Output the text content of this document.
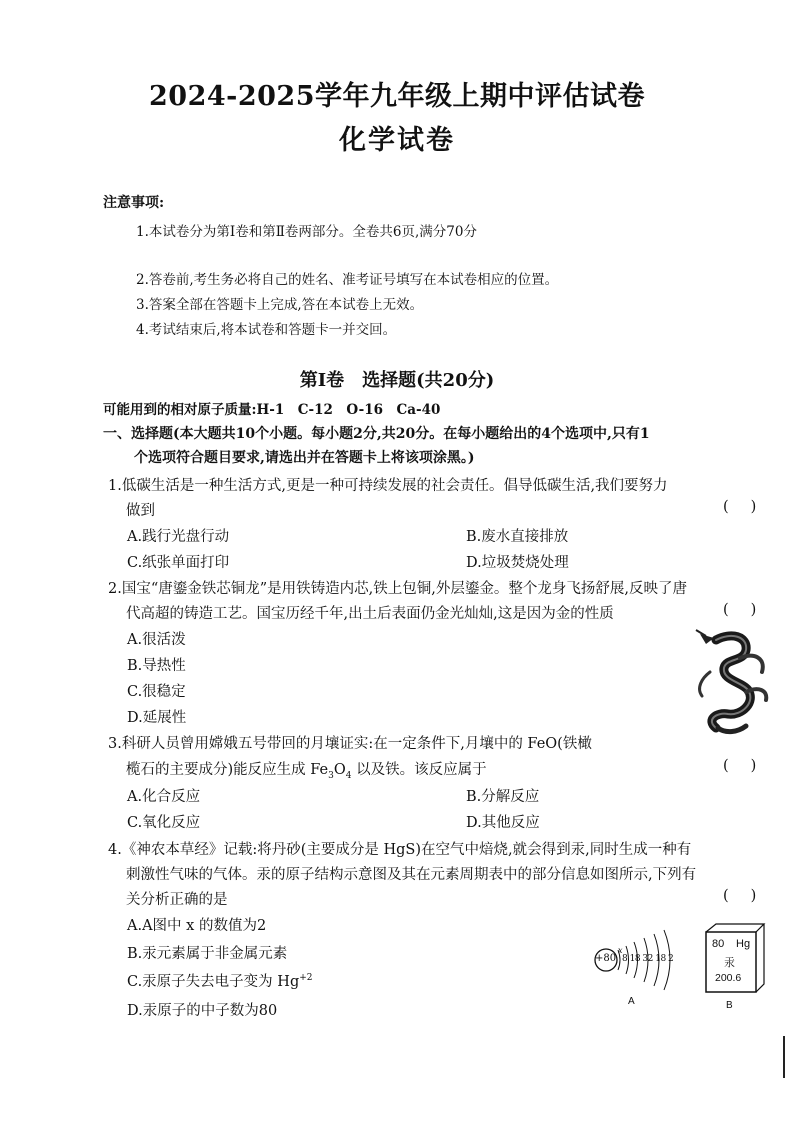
2024-2025学年九年级上期中评估试卷
化学试卷
注意事项:
1.本试卷分为第Ⅰ卷和第Ⅱ卷两部分。全卷共6页,满分70分
2.答卷前,考生务必将自己的姓名、准考证号填写在本试卷相应的位置。
3.答案全部在答题卡上完成,答在本试卷上无效。
4.考试结束后,将本试卷和答题卡一并交回。
第Ⅰ卷　选择题(共20分)
可能用到的相对原子质量:H-1　C-12　O-16　Ca-40
一、选择题(本大题共10个小题。每小题2分,共20分。在每小题给出的4个选项中,只有1
个选项符合题目要求,请选出并在答题卡上将该项涂黑。)
1.低碳生活是一种生活方式,更是一种可持续发展的社会责任。倡导低碳生活,我们要努力
做到	()
A.践行光盘行动	B.废水直接排放
C.纸张单面打印	D.垃圾焚烧处理
2.国宝“唐鎏金铁芯铜龙”是用铁铸造内芯,铁上包铜,外层鎏金。整个龙身飞扬舒展,反映了唐
代高超的铸造工艺。国宝历经千年,出土后表面仍金光灿灿,这是因为金的性质	()
A.很活泼
B.导热性
C.很稳定
D.延展性
3.科研人员曾用嫦娥五号带回的月壤证实:在一定条件下,月壤中的 FeO(铁橄
榄石的主要成分)能反应生成 $Fe_3O_4$ 以及铁。该反应属于	()
A.化合反应	B.分解反应
C.氧化反应	D.其他反应
4.《神农本草经》记载:将丹砂(主要成分是 HgS)在空气中焙烧,就会得到汞,同时生成一种有
刺激性气味的气体。汞的原子结构示意图及其在元素周期表中的部分信息如图所示,下列有
关分析正确的是	()
A.A图中 x 的数值为2
B.汞元素属于非金属元素
C.汞原子失去电子变为 $Hg^{+2}$
D.汞原子的中子数为80
+80
x
8 18 32 18 2
A
80 Hg
汞
200.6
B
